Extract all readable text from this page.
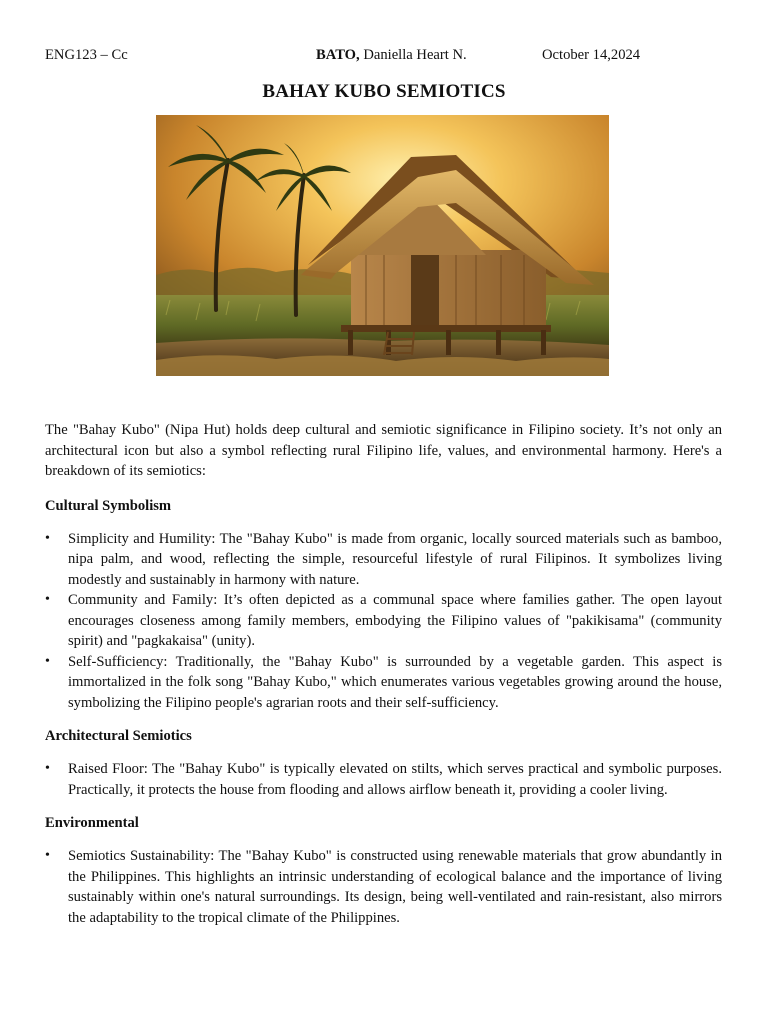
ENG123 – Cc	BATO, Daniella Heart N.	October 14,2024
BAHAY KUBO SEMIOTICS

The "Bahay Kubo" (Nipa Hut) holds deep cultural and semiotic significance in Filipino society. It’s not only an architectural icon but also a symbol reflecting rural Filipino life, values, and environmental harmony. Here's a breakdown of its semiotics:

Cultural Symbolism
• Simplicity and Humility: The "Bahay Kubo" is made from organic, locally sourced materials such as bamboo, nipa palm, and wood, reflecting the simple, resourceful lifestyle of rural Filipinos. It symbolizes living modestly and sustainably in harmony with nature.
• Community and Family: It’s often depicted as a communal space where families gather. The open layout encourages closeness among family members, embodying the Filipino values of "pakikisama" (community spirit) and "pagkakaisa" (unity).
• Self-Sufficiency: Traditionally, the "Bahay Kubo" is surrounded by a vegetable garden. This aspect is immortalized in the folk song "Bahay Kubo," which enumerates various vegetables growing around the house, symbolizing the Filipino people's agrarian roots and their self-sufficiency.
Architectural Semiotics
• Raised Floor: The "Bahay Kubo" is typically elevated on stilts, which serves practical and symbolic purposes. Practically, it protects the house from flooding and allows airflow beneath it, providing a cooler living.
Environmental
• Semiotics Sustainability: The "Bahay Kubo" is constructed using renewable materials that grow abundantly in the Philippines. This highlights an intrinsic understanding of ecological balance and the importance of living sustainably within one's natural surroundings. Its design, being well-ventilated and rain-resistant, also mirrors the adaptability to the tropical climate of the Philippines.
